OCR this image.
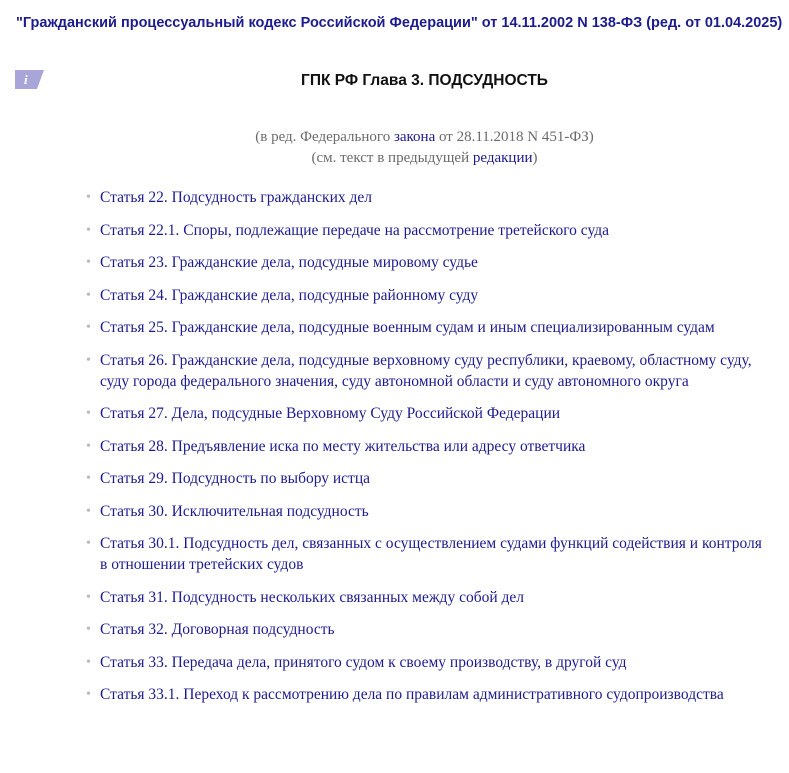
"Гражданский процессуальный кодекс Российской Федерации" от 14.11.2002 N 138-ФЗ (ред. от 01.04.2025)
i	ГПК РФ Глава 3. ПОДСУДНОСТЬ
(в ред. Федерального закона от 28.11.2018 N 451-ФЗ)
(см. текст в предыдущей редакции)
• Статья 22. Подсудность гражданских дел
• Статья 22.1. Споры, подлежащие передаче на рассмотрение третейского суда
• Статья 23. Гражданские дела, подсудные мировому судье
• Статья 24. Гражданские дела, подсудные районному суду
• Статья 25. Гражданские дела, подсудные военным судам и иным специализированным судам
• Статья 26. Гражданские дела, подсудные верховному суду республики, краевому, областному суду, суду города федерального значения, суду автономной области и суду автономного округа
• Статья 27. Дела, подсудные Верховному Суду Российской Федерации
• Статья 28. Предъявление иска по месту жительства или адресу ответчика
• Статья 29. Подсудность по выбору истца
• Статья 30. Исключительная подсудность
• Статья 30.1. Подсудность дел, связанных с осуществлением судами функций содействия и контроля в отношении третейских судов
• Статья 31. Подсудность нескольких связанных между собой дел
• Статья 32. Договорная подсудность
• Статья 33. Передача дела, принятого судом к своему производству, в другой суд
• Статья 33.1. Переход к рассмотрению дела по правилам административного судопроизводства
